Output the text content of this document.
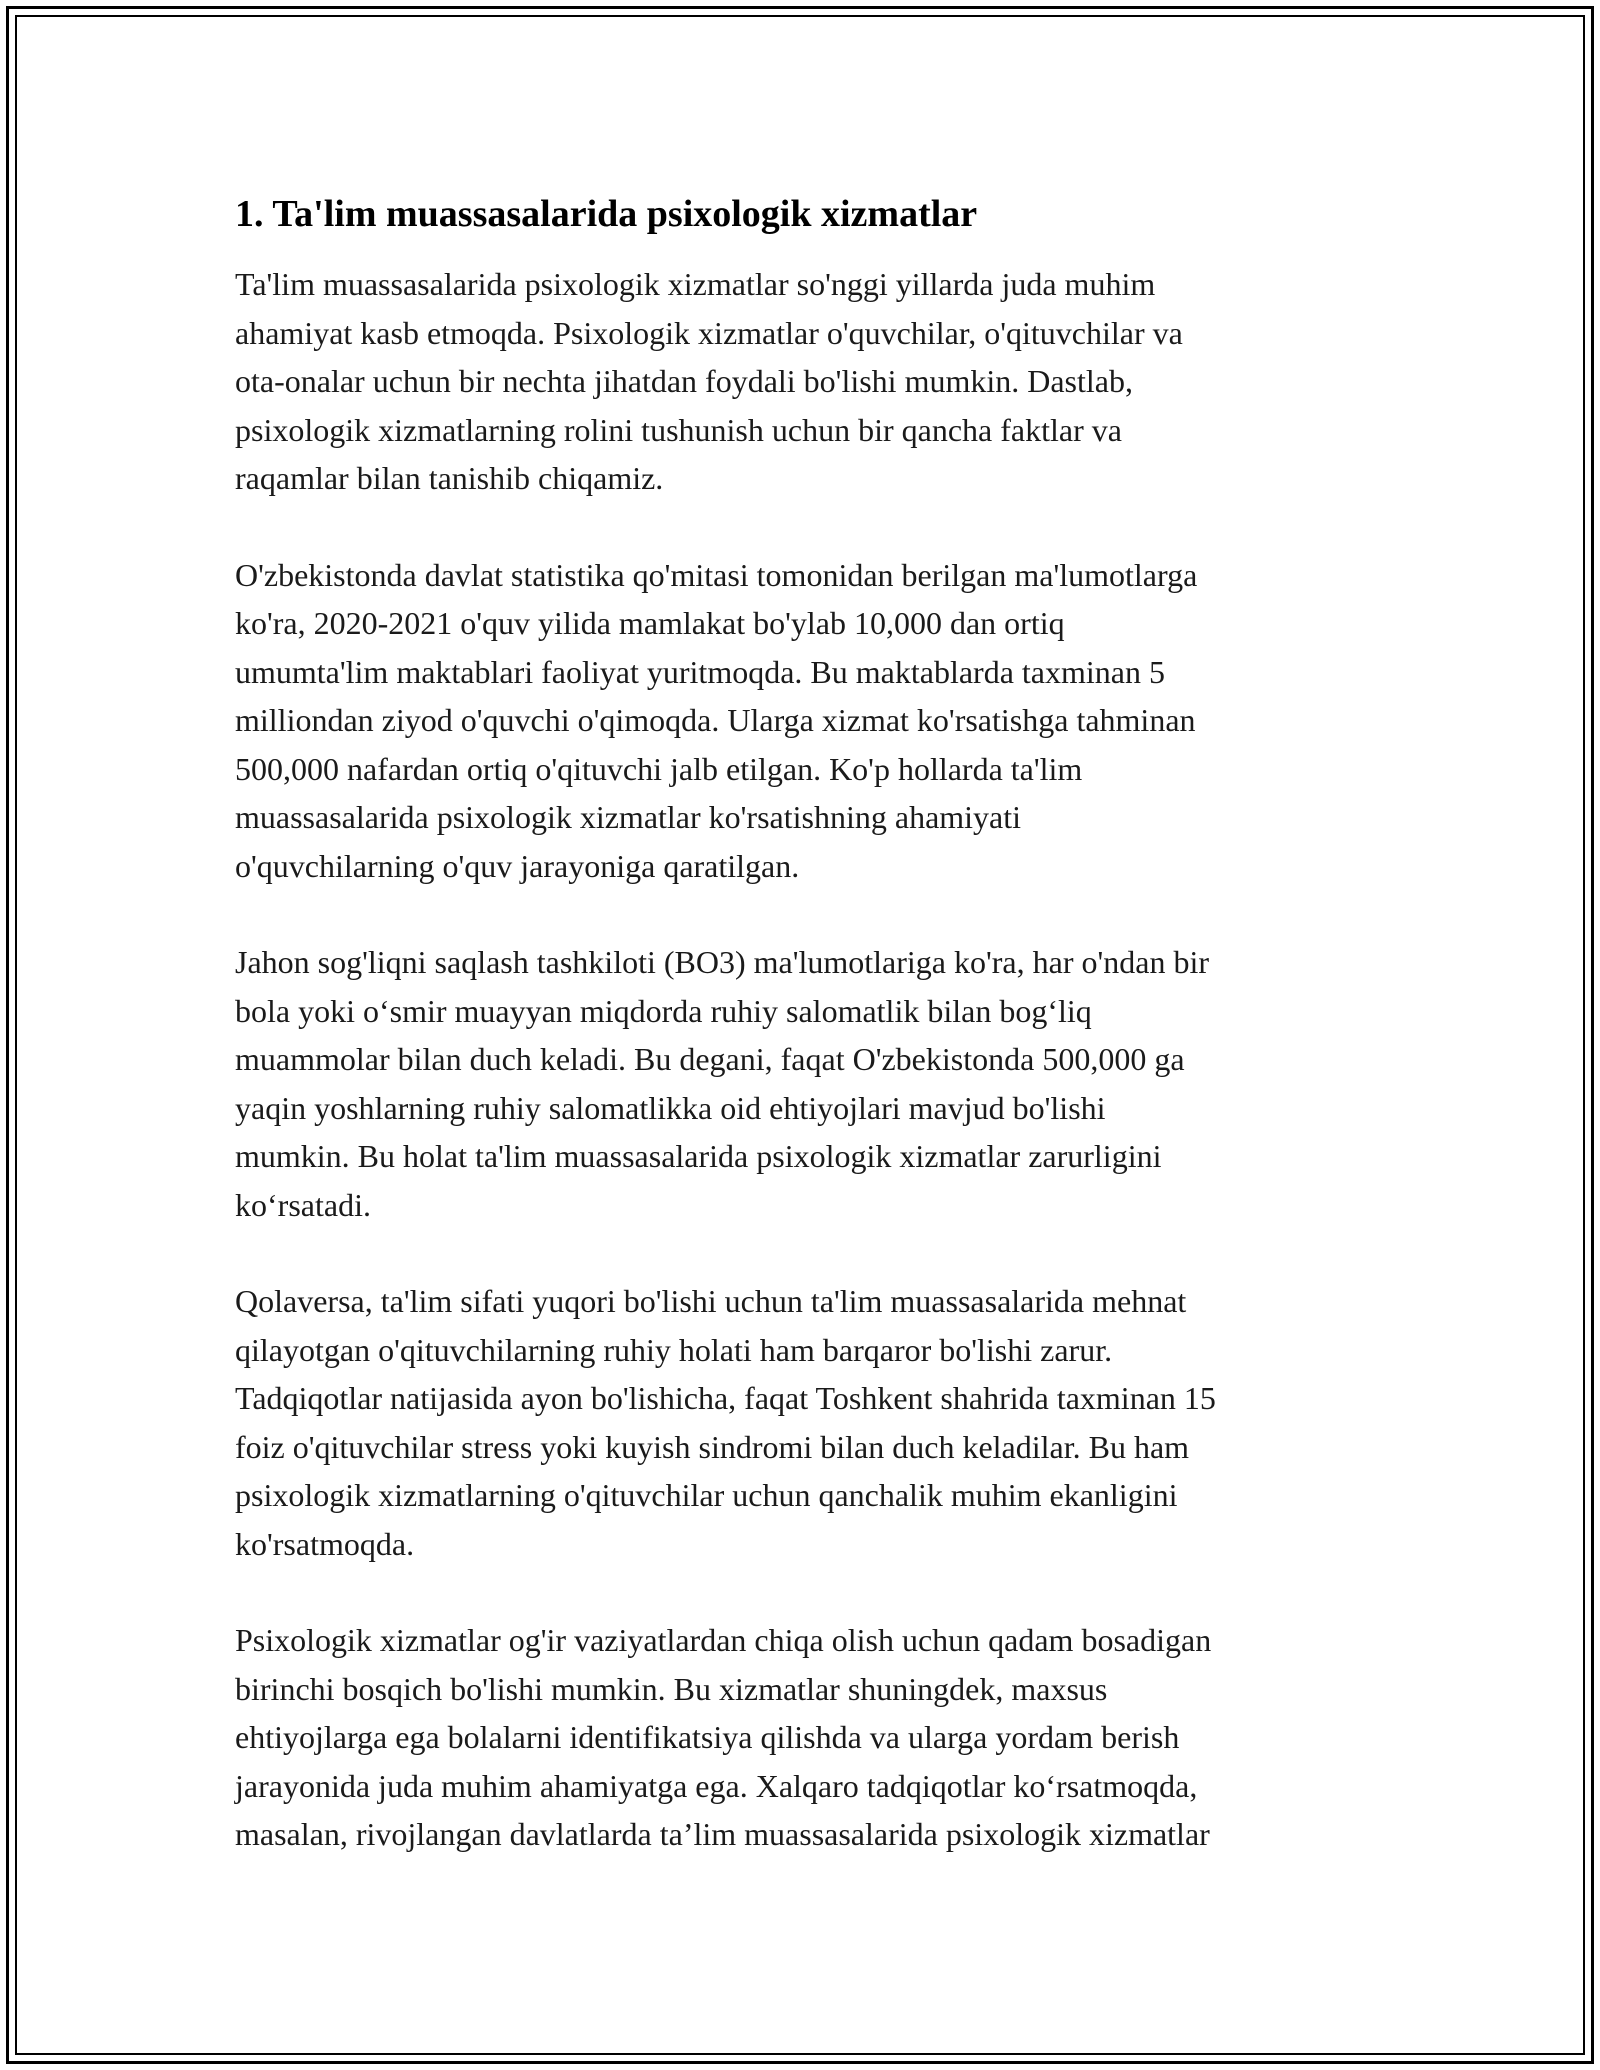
1. Ta'lim muassasalarida psixologik xizmatlar

Ta'lim muassasalarida psixologik xizmatlar so'nggi yillarda juda muhim
ahamiyat kasb etmoqda. Psixologik xizmatlar o'quvchilar, o'qituvchilar va
ota-onalar uchun bir nechta jihatdan foydali bo'lishi mumkin. Dastlab,
psixologik xizmatlarning rolini tushunish uchun bir qancha faktlar va
raqamlar bilan tanishib chiqamiz.

O'zbekistonda davlat statistika qo'mitasi tomonidan berilgan ma'lumotlarga
ko'ra, 2020-2021 o'quv yilida mamlakat bo'ylab 10,000 dan ortiq
umumta'lim maktablari faoliyat yuritmoqda. Bu maktablarda taxminan 5
milliondan ziyod o'quvchi o'qimoqda. Ularga xizmat ko'rsatishga tahminan
500,000 nafardan ortiq o'qituvchi jalb etilgan. Ko'p hollarda ta'lim
muassasalarida psixologik xizmatlar ko'rsatishning ahamiyati
o'quvchilarning o'quv jarayoniga qaratilgan.

Jahon sog'liqni saqlash tashkiloti (BO3) ma'lumotlariga ko'ra, har o'ndan bir
bola yoki o‘smir muayyan miqdorda ruhiy salomatlik bilan bog‘liq
muammolar bilan duch keladi. Bu degani, faqat O'zbekistonda 500,000 ga
yaqin yoshlarning ruhiy salomatlikka oid ehtiyojlari mavjud bo'lishi
mumkin. Bu holat ta'lim muassasalarida psixologik xizmatlar zarurligini
ko‘rsatadi.

Qolaversa, ta'lim sifati yuqori bo'lishi uchun ta'lim muassasalarida mehnat
qilayotgan o'qituvchilarning ruhiy holati ham barqaror bo'lishi zarur.
Tadqiqotlar natijasida ayon bo'lishicha, faqat Toshkent shahrida taxminan 15
foiz o'qituvchilar stress yoki kuyish sindromi bilan duch keladilar. Bu ham
psixologik xizmatlarning o'qituvchilar uchun qanchalik muhim ekanligini
ko'rsatmoqda.

Psixologik xizmatlar og'ir vaziyatlardan chiqa olish uchun qadam bosadigan
birinchi bosqich bo'lishi mumkin. Bu xizmatlar shuningdek, maxsus
ehtiyojlarga ega bolalarni identifikatsiya qilishda va ularga yordam berish
jarayonida juda muhim ahamiyatga ega. Xalqaro tadqiqotlar ko‘rsatmoqda,
masalan, rivojlangan davlatlarda ta’lim muassasalarida psixologik xizmatlar
